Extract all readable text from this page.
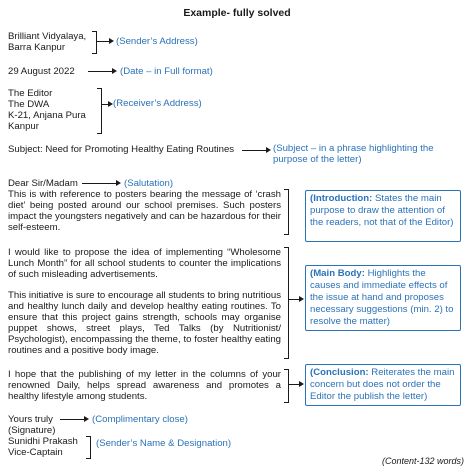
Example- fully solved
Brilliant Vidyalaya,
Barra Kanpur
(Sender’s Address)
29 August 2022	(Date – in Full format)
The Editor
The DWA
K-21, Anjana Pura
Kanpur
(Receiver’s Address)
Subject: Need for Promoting Healthy Eating Routines	(Subject – in a phrase highlighting the
purpose of the letter)
Dear Sir/Madam	(Salutation)
This is with reference to posters bearing the message of ‘crash diet’ being posted around our school premises. Such posters impact the youngsters negatively and can be hazardous for their self-esteem.
(Introduction: States the main purpose to draw the attention of the readers, not that of the Editor)
I would like to propose the idea of implementing “Wholesome Lunch Month” for all school students to counter the implications of such misleading advertisements.
This initiative is sure to encourage all students to bring nutritious and healthy lunch daily and develop healthy eating routines. To ensure that this project gains strength, schools may organise puppet shows, street plays, Ted Talks (by Nutritionist/ Psychologist), encompassing the theme, to foster healthy eating routines and a positive body image.
(Main Body: Highlights the causes and immediate effects of the issue at hand and proposes necessary suggestions (min. 2) to resolve the matter)
I hope that the publishing of my letter in the columns of your renowned Daily, helps spread awareness and promotes a healthy lifestyle among students.
(Conclusion: Reiterates the main concern but does not order the Editor the publish the letter)
Yours truly	(Complimentary close)
(Signature)
Sunidhi Prakash
Vice-Captain
(Sender’s Name & Designation)
(Content-132 words)
